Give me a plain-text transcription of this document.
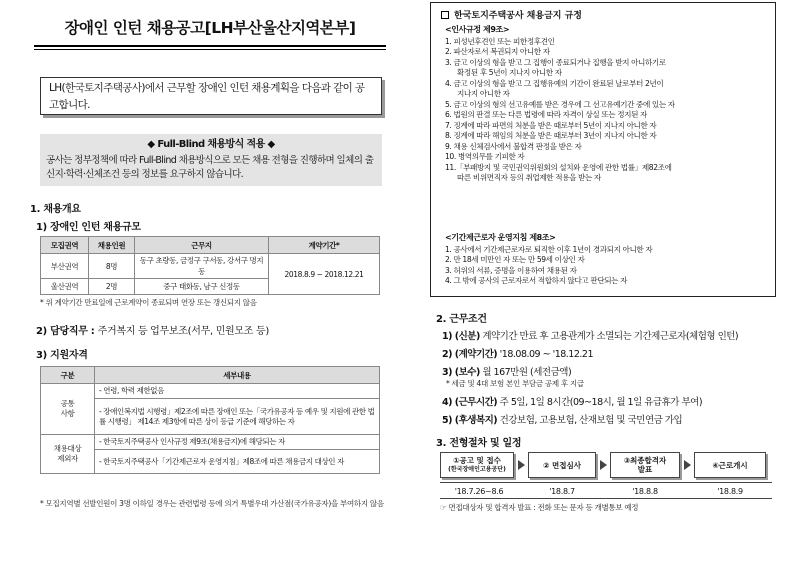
장애인 인턴 채용공고[LH부산울산지역본부]
LH(한국토지주택공사)에서 근무할 장애인 인턴 채용계획을 다음과 같이 공고합니다.
◆ Full-Blind 채용방식 적용 ◆
공사는 정부정책에 따라 Full-Blind 채용방식으로 모든 채용 전형을 진행하며 일체의 출신지·학력·신체조건 등의 정보를 요구하지 않습니다.
1. 채용개요
1) 장애인 인턴 채용규모
모집권역	채용인원	근무지	계약기간*
부산권역	8명	동구 초량동, 금정구 구서동, 강서구 명지동	2018.8.9 ~ 2018.12.21
울산권역	2명	중구 태화동, 남구 신정동	
* 위 계약기간 만료일에 근로계약이 종료되며 연장 또는 갱신되지 않음
2) 담당직무 : 주거복지 등 업무보조(서무, 민원모조 등)
3) 지원자격
구분	세부내용
공통
사항	- 연령, 학력 제한없음
	- 장애인복지법 시행령」제2조에 따른 장애인 또는「국가유공자 등 예우 및 지원에 관한 법률 시행령」 제14조 제3항에 따른 상이 등급 기준에 해당하는 자
채용대상
제외자	- 한국토지주택공사 인사규정 제9조(채용금지)에 해당되는 자
	- 한국토지주택공사「기간제근로자 운영지침」제8조에 따른 채용금지 대상인 자
* 모집지역별 선발인원이 3명 이하일 경우는 관련법령 등에 의거 특별우대 가산점(국가유공자)을 부여하지 않음
한국토지주택공사 채용금지 규정
<인사규정 제9조>
1. 피성년후견인 또는 피한정후견인
2. 파산자로서 복권되지 아니한 자
3. 금고 이상의 형을 받고 그 집행이 종료되거나 집행을 받지 아니하기로
확정된 후 5년이 지나지 아니한 자
4. 금고 이상의 형을 받고 그 집행유예의 기간이 완료된 날로부터 2년이
지나지 아니한 자
5. 금고 이상의 형의 선고유예를 받은 경우에 그 선고유예기간 중에 있는 자
6. 법원의 판결 또는 다른 법령에 따라 자격이 상실 또는 정지된 자
7. 징계에 따라 파면의 처분을 받은 때로부터 5년이 지나지 아니한 자
8. 징계에 따라 해임의 처분을 받은 때로부터 3년이 지나지 아니한 자
9. 채용 신체검사에서 불합격 판정을 받은 자
10. 병역의무를 기피한 자
11.「부패방지 및 국민권익위원회의 설치와 운영에 관한 법률」제82조에
따른 비위면직자 등의 취업제한 적용을 받는 자
<기간제근로자 운영지침 제8조>
1. 공사에서 기간제근로자로 퇴직한 이후 1년이 경과되지 아니한 자
2. 만 18세 미만인 자 또는 만 59세 이상인 자
3. 허위의 서류, 증명을 이용하여 채용된 자
4. 그 밖에 공사의 근로자로서 적합하지 않다고 판단되는 자
2. 근무조건
1) (신분) 계약기간 만료 후 고용관계가 소멸되는 기간제근로자(체험형 인턴)
2) (계약기간) '18.08.09 ~ '18.12.21
3) (보수) 월 167만원 (세전금액)
* 세금 및 4대 보험 본인 부담금 공제 후 지급
4) (근무시간) 주 5일, 1일 8시간(09~18시, 월 1일 유급휴가 부여)
5) (후생복지) 건강보험, 고용보험, 산재보험 및 국민연금 가입
3. 전형절차 및 일정
①공고 및 접수
(한국장애인고용공단)	② 면접심사	③최종합격자
발표	④근로개시
'18.7.26~8.6	'18.8.7	'18.8.8	'18.8.9
☞ 면접대상자 및 합격자 발표 : 전화 또는 문자 등 개별통보 예정
